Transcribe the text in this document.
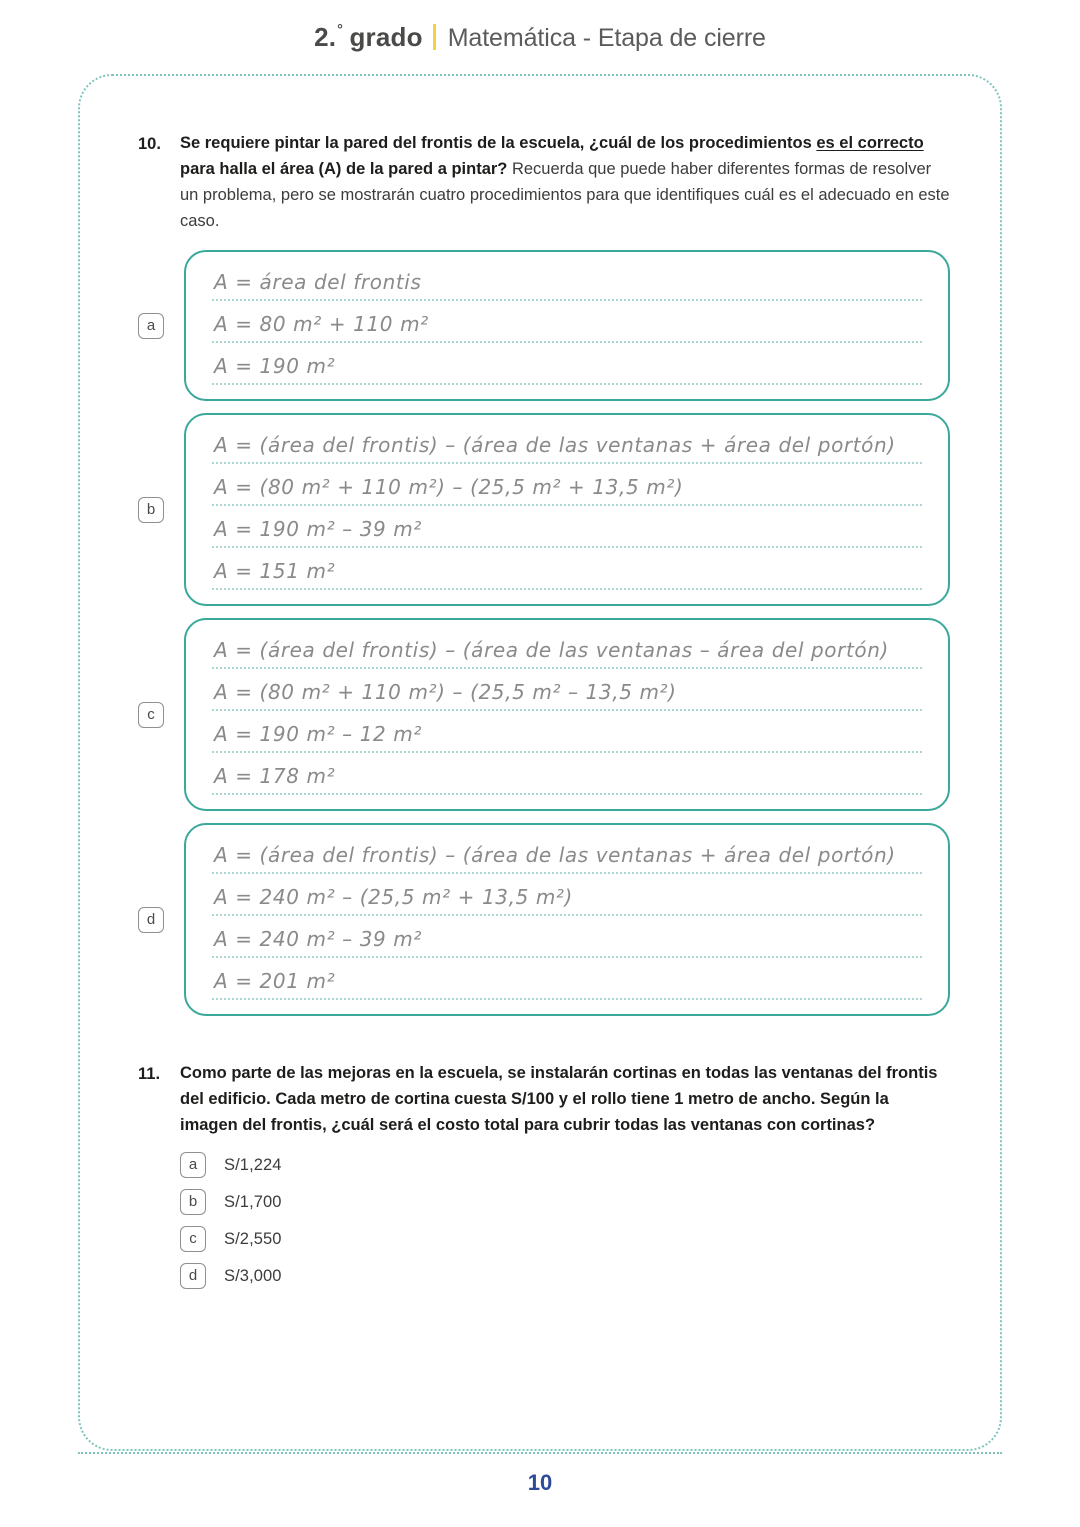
2.° grado Matemática - Etapa de cierre
10.	Se requiere pintar la pared del frontis de la escuela, ¿cuál de los procedimientos es el correcto para halla el área (A) de la pared a pintar? Recuerda que puede haber diferentes formas de resolver un problema, pero se mostrarán cuatro procedimientos para que identifiques cuál es el adecuado en este caso.
a
A = área del frontis
A = 80 m² + 110 m²
A = 190 m²
b
A = (área del frontis) – (área de las ventanas + área del portón)
A = (80 m² + 110 m²) – (25,5 m² + 13,5 m²)
A = 190 m² – 39 m²
A = 151 m²
c
A = (área del frontis) – (área de las ventanas – área del portón)
A = (80 m² + 110 m²) – (25,5 m² – 13,5 m²)
A = 190 m² – 12 m²
A = 178 m²
d
A = (área del frontis) – (área de las ventanas + área del portón)
A = 240 m² – (25,5 m² + 13,5 m²)
A = 240 m² – 39 m²
A = 201 m²
11.	Como parte de las mejoras en la escuela, se instalarán cortinas en todas las ventanas del frontis del edificio. Cada metro de cortina cuesta S/100 y el rollo tiene 1 metro de ancho. Según la imagen del frontis, ¿cuál será el costo total para cubrir todas las ventanas con cortinas?
a	S/1,224
b	S/1,700
c	S/2,550
d	S/3,000
10
